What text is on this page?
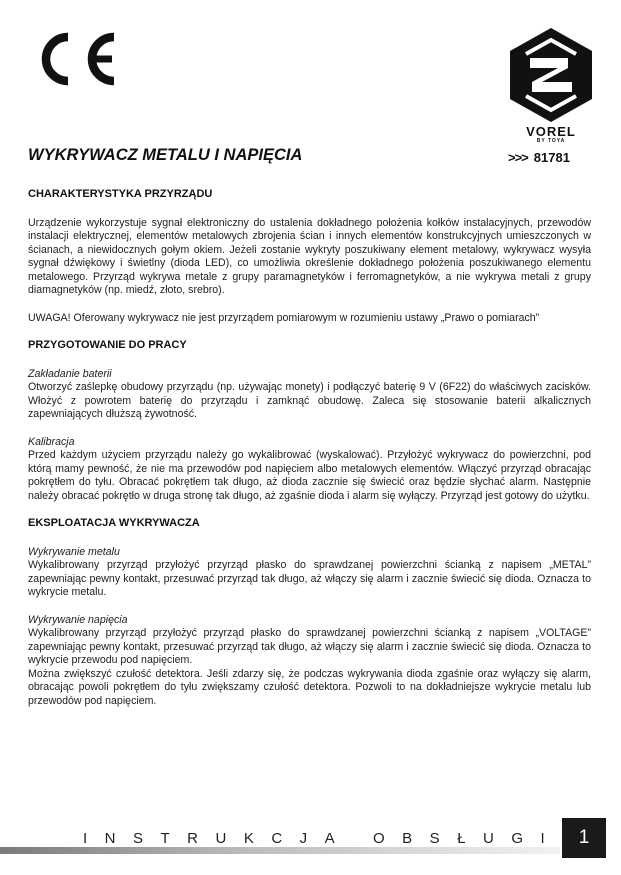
VOREL
BY TOYA
WYKRYWACZ METALU I NAPIĘCIA	>>> 81781
CHARAKTERYSTYKA PRZYRZĄDU

Urządzenie wykorzystuje sygnał elektroniczny do ustalenia dokładnego położenia kołków instalacyjnych, przewodów instalacji elektrycznej, elementów metalowych zbrojenia ścian i innych elementów konstrukcyjnych umieszczonych w ścianach, a niewidocznych gołym okiem. Jeżeli zostanie wykryty poszukiwany element metalowy, wykrywacz wysyła sygnał dźwiękowy i świetlny (dioda LED), co umożliwia określenie dokładnego położenia poszukiwanego elementu metalowego. Przyrząd wykrywa metale z grupy paramagnetyków i ferromagnetyków, a nie wykrywa metali z grupy diamagnetyków (np. miedź, złoto, srebro).

UWAGA! Oferowany wykrywacz nie jest przyrządem pomiarowym w rozumieniu ustawy „Prawo o pomiarach”

PRZYGOTOWANIE DO PRACY

Zakładanie baterii
Otworzyć zaślepkę obudowy przyrządu (np. używając monety) i podłączyć baterię 9 V (6F22) do właściwych zacisków. Włożyć z powrotem baterię do przyrządu i zamknąć obudowę. Zaleca się stosowanie baterii alkalicznych zapewniających dłuższą żywotność.

Kalibracja
Przed każdym użyciem przyrządu należy go wykalibrować (wyskalować). Przyłożyć wykrywacz do powierzchni, pod którą mamy pewność, że nie ma przewodów pod napięciem albo metalowych elementów. Włączyć przyrząd obracając pokrętłem do tyłu. Obracać pokrętłem tak długo, aż dioda zacznie się świecić oraz będzie słychać alarm. Następnie należy obracać pokrętło w druga stronę tak długo, aż zgaśnie dioda i alarm się wyłączy. Przyrząd jest gotowy do użytku.

EKSPLOATACJA WYKRYWACZA

Wykrywanie metalu
Wykalibrowany przyrząd przyłożyć przyrząd płasko do sprawdzanej powierzchni ścianką z napisem „METAL” zapewniając pewny kontakt, przesuwać przyrząd tak długo, aż włączy się alarm i zacznie świecić się dioda. Oznacza to wykrycie metalu.

Wykrywanie napięcia
Wykalibrowany przyrząd przyłożyć przyrząd płasko do sprawdzanej powierzchni ścianką z napisem „VOLTAGE” zapewniając pewny kontakt, przesuwać przyrząd tak długo, aż włączy się alarm i zacznie świecić się dioda. Oznacza to wykrycie przewodu pod napięciem.

Można zwiększyć czułość detektora. Jeśli zdarzy się, że podczas wykrywania dioda zgaśnie oraz wyłączy się alarm, obracając powoli pokrętłem do tyłu zwiększamy czułość detektora. Pozwoli to na dokładniejsze wykrycie metalu lub przewodów pod napięciem.

INSTRUKCJA OBSŁUGI 1
